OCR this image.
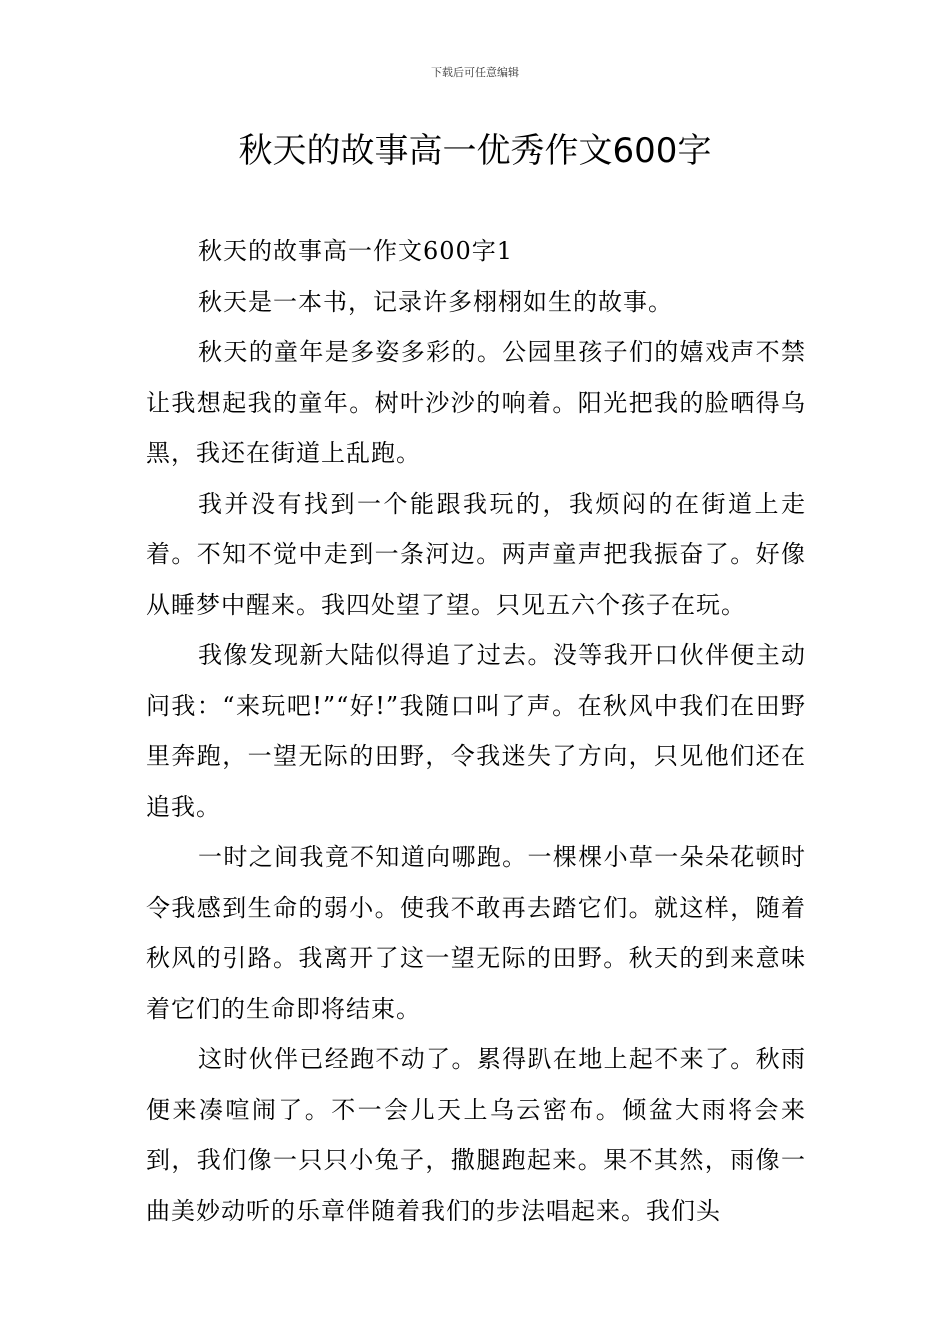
下载后可任意编辑
秋天的故事高一优秀作文600字

秋天的故事高一作文600字1

秋天是一本书，记录许多栩栩如生的故事。

秋天的童年是多姿多彩的。公园里孩子们的嬉戏声不禁让我想起我的童年。树叶沙沙的响着。阳光把我的脸晒得乌黑，我还在街道上乱跑。

我并没有找到一个能跟我玩的，我烦闷的在街道上走着。不知不觉中走到一条河边。两声童声把我振奋了。好像从睡梦中醒来。我四处望了望。只见五六个孩子在玩。

我像发现新大陆似得追了过去。没等我开口伙伴便主动问我：“来玩吧!”“好!”我随口叫了声。在秋风中我们在田野里奔跑，一望无际的田野，令我迷失了方向，只见他们还在追我。

一时之间我竟不知道向哪跑。一棵棵小草一朵朵花顿时令我感到生命的弱小。使我不敢再去踏它们。就这样，随着秋风的引路。我离开了这一望无际的田野。秋天的到来意味着它们的生命即将结束。

这时伙伴已经跑不动了。累得趴在地上起不来了。秋雨便来凑喧闹了。不一会儿天上乌云密布。倾盆大雨将会来到，我们像一只只小兔子，撒腿跑起来。果不其然，雨像一曲美妙动听的乐章伴随着我们的步法唱起来。我们头
